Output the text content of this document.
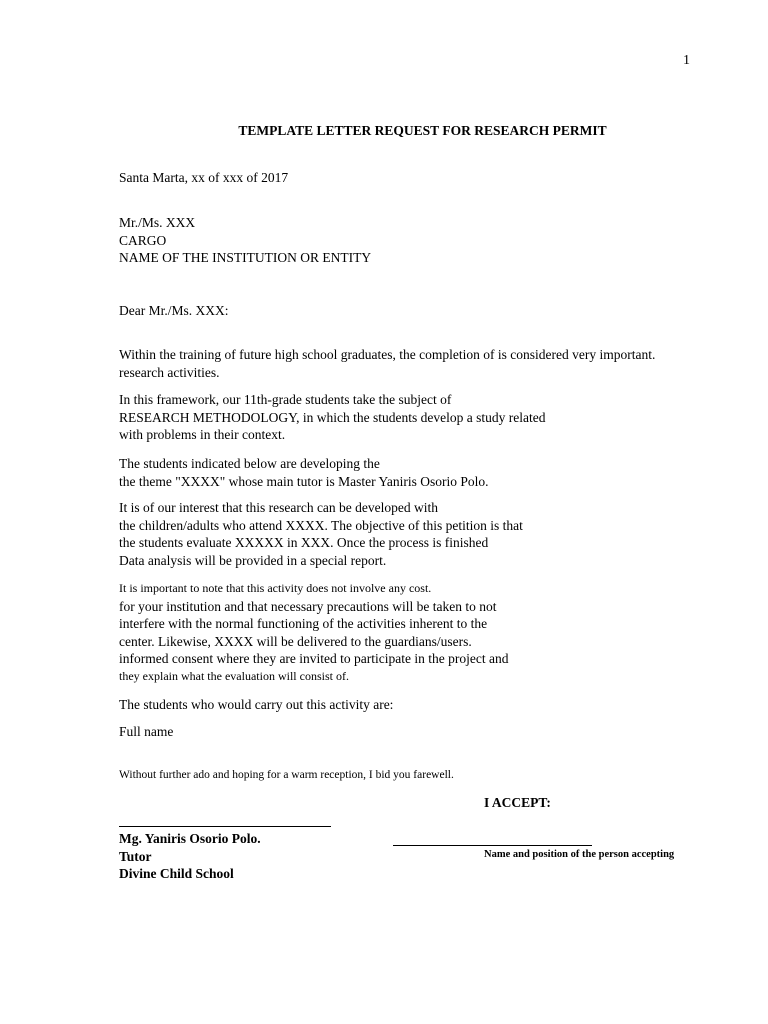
1
TEMPLATE LETTER REQUEST FOR RESEARCH PERMIT
Santa Marta, xx of xxx of 2017
Mr./Ms. XXX
CARGO
NAME OF THE INSTITUTION OR ENTITY
Dear Mr./Ms. XXX:
Within the training of future high school graduates, the completion of is considered very important.
research activities.
In this framework, our 11th-grade students take the subject of
RESEARCH METHODOLOGY, in which the students develop a study related
with problems in their context.
The students indicated below are developing the
the theme "XXXX" whose main tutor is Master Yaniris Osorio Polo.
It is of our interest that this research can be developed with
the children/adults who attend XXXX. The objective of this petition is that
the students evaluate XXXXX in XXX. Once the process is finished
Data analysis will be provided in a special report.
It is important to note that this activity does not involve any cost.
for your institution and that necessary precautions will be taken to not
interfere with the normal functioning of the activities inherent to the
center. Likewise, XXXX will be delivered to the guardians/users.
informed consent where they are invited to participate in the project and
they explain what the evaluation will consist of.
The students who would carry out this activity are:
Full name
Without further ado and hoping for a warm reception, I bid you farewell.
I ACCEPT:
Mg. Yaniris Osorio Polo.
Tutor
Divine Child School
Name and position of the person accepting
